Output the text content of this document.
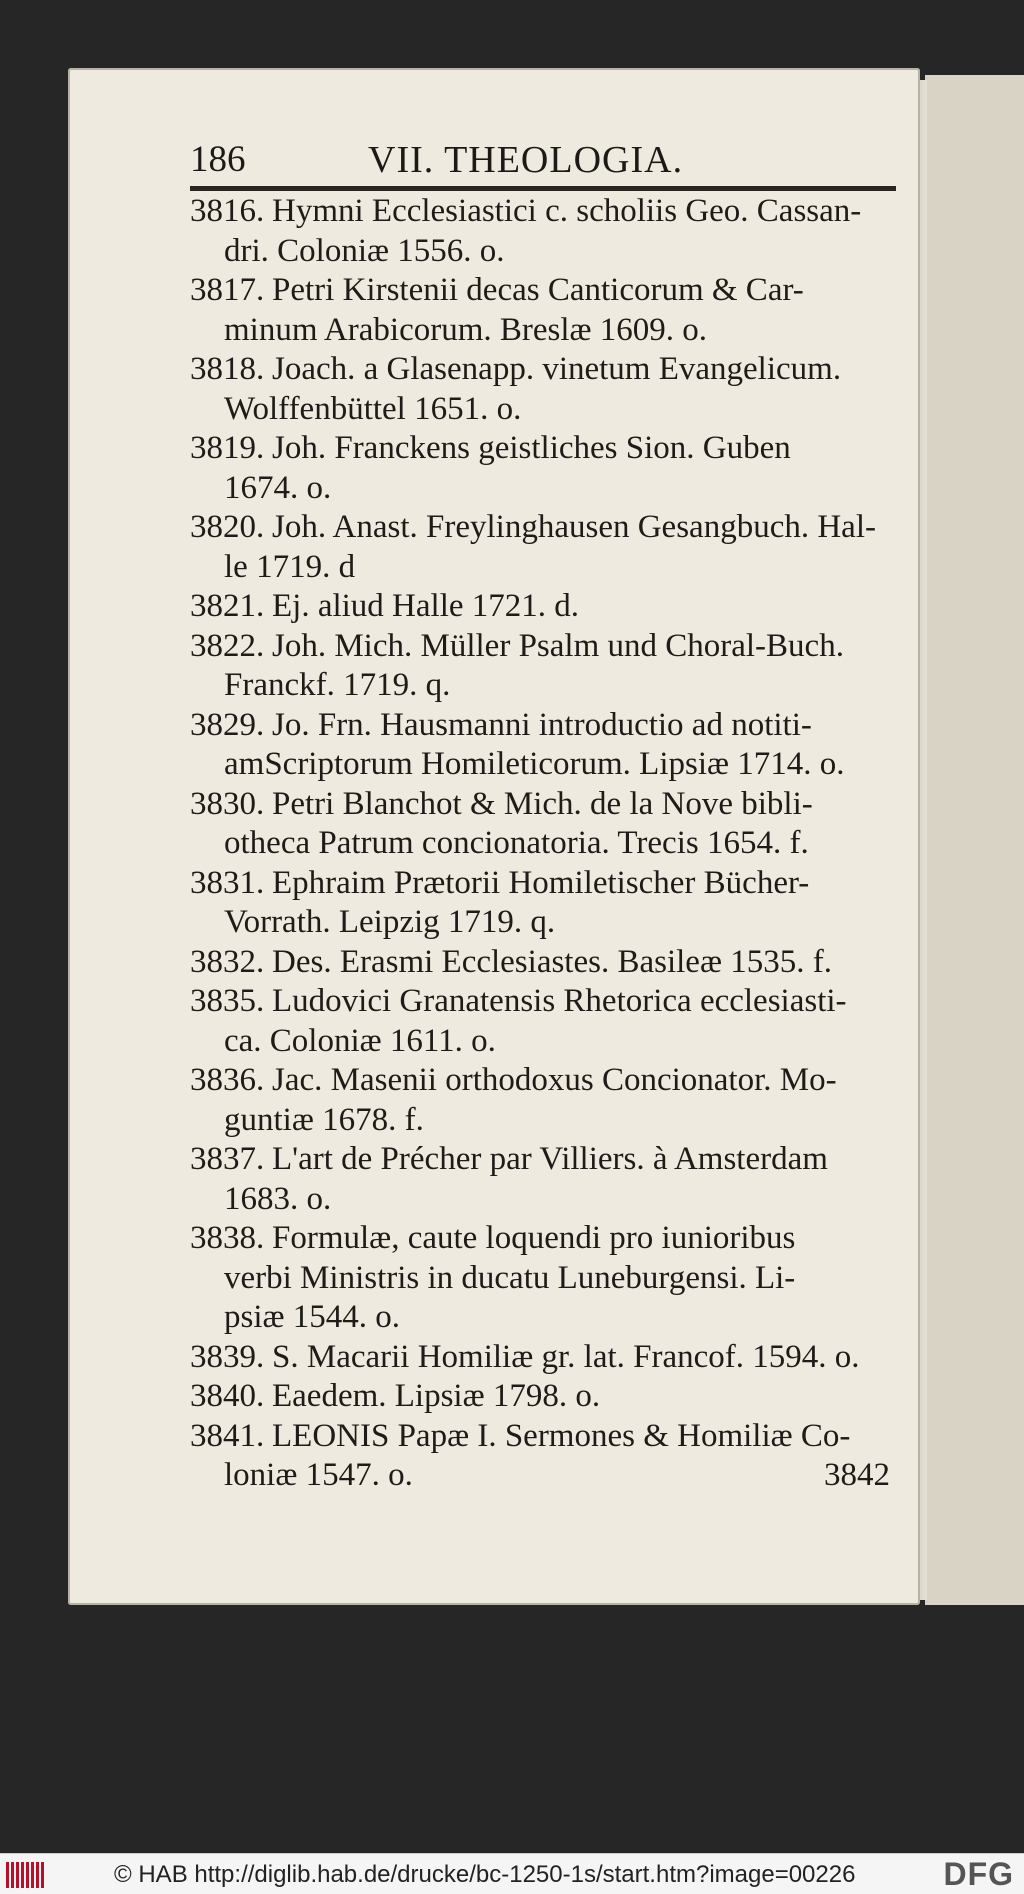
186	VII. THEOLOGIA.
3816. Hymni Ecclesiastici c. scholiis Geo. Cassan-
dri. Coloniæ 1556. o.
3817. Petri Kirstenii decas Canticorum & Car-
minum Arabicorum. Breslæ 1609. o.
3818. Joach. a Glasenapp. vinetum Evangelicum.
Wolffenbüttel 1651. o.
3819. Joh. Franckens geistliches Sion. Guben
1674. o.
3820. Joh. Anast. Freylinghausen Gesangbuch. Hal-
le 1719. d
3821. Ej. aliud Halle 1721. d.
3822. Joh. Mich. Müller Psalm und Choral-Buch.
Franckf. 1719. q.
3829. Jo. Frn. Hausmanni introductio ad notiti-
amScriptorum Homileticorum. Lipsiæ 1714. o.
3830. Petri Blanchot & Mich. de la Nove bibli-
otheca Patrum concionatoria. Trecis 1654. f.
3831. Ephraim Prætorii Homiletischer Bücher-
Vorrath. Leipzig 1719. q.
3832. Des. Erasmi Ecclesiastes. Basileæ 1535. f.
3835. Ludovici Granatensis Rhetorica ecclesiasti-
ca. Coloniæ 1611. o.
3836. Jac. Masenii orthodoxus Concionator. Mo-
guntiæ 1678. f.
3837. L'art de Précher par Villiers. à Amsterdam
1683. o.
3838. Formulæ, caute loquendi pro iunioribus
verbi Ministris in ducatu Luneburgensi. Li-
psiæ 1544. o.
3839. S. Macarii Homiliæ gr. lat. Francof. 1594. o.
3840. Eaedem. Lipsiæ 1798. o.
3841. LEONIS Papæ I. Sermones & Homiliæ Co-
loniæ 1547. o.	3842
© HAB http://diglib.hab.de/drucke/bc-1250-1s/start.htm?image=00226	DFG
